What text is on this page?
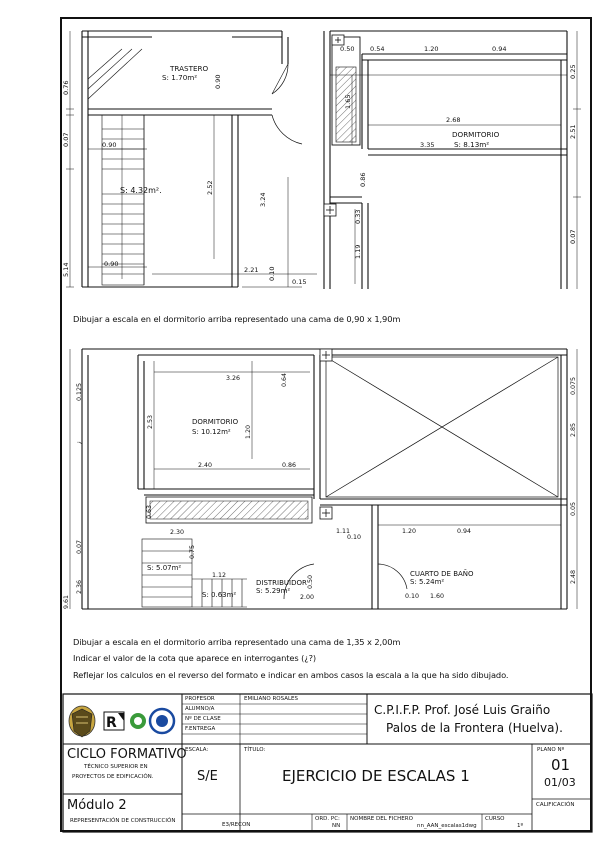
TRASTERO
S: 1.70m²
S: 4.32m².
DORMITORIO
S: 8.13m²
0.76
0.07
5.14
0.90
2.52
3.24
0.90
2.21
0.15
0.10
0.90
0.50 0.54	1.20	0.94
1.65
0.86
0.33
1.19
2.68
3.35
0.25
2.51
0.07
DORMITORIO
S: 10.12m²
S: 5.07m²
S: 0.63m²
DISTRIBUIDOR
S: 5.29m²
CUARTO DE BAÑO
S: 5.24m²
0.125
¿
0.07
2.36
9.61
3.26	0.64
2.53
1.20
2.40	0.86
0.63
2.30
0.75
1.12	0.50
2.00
1.11
0.10
1.20	0.94
0.10 1.60
0.075
2.85
0.05
2.48
R
Dibujar a escala en el dormitorio arriba representado una cama de 0,90 x 1,90m
Dibujar a escala en el dormitorio arriba representado una cama de 1,35 x 2,00m
Indicar el valor de la cota que aparece en interrogantes (¿?)
Reflejar los calculos en el reverso del formato e indicar en ambos casos la escala a la que ha sido dibujado.
PROFESOR	EMILIANO ROSALES
ALUMNO/A
Nº DE CLASE
F.ENTREGA
C.P.I.F.P. Prof. José Luis Graiño
Palos de la Frontera (Huelva).
CICLO FORMATIVO
TÉCNICO SUPERIOR EN
PROYECTOS DE EDIFICACIÓN.
Módulo 2
REPRESENTACIÓN DE CONSTRUCCIÓN
ESCALA:
S/E
TÍTULO:
EJERCICIO DE ESCALAS 1
PLANO Nº
01
01/03
CALIFICACIÓN
E3/RECON
ORD. PC:
NN
NOMBRE DEL FICHERO
nn_AAN_escalas1dwg
CURSO
1º
